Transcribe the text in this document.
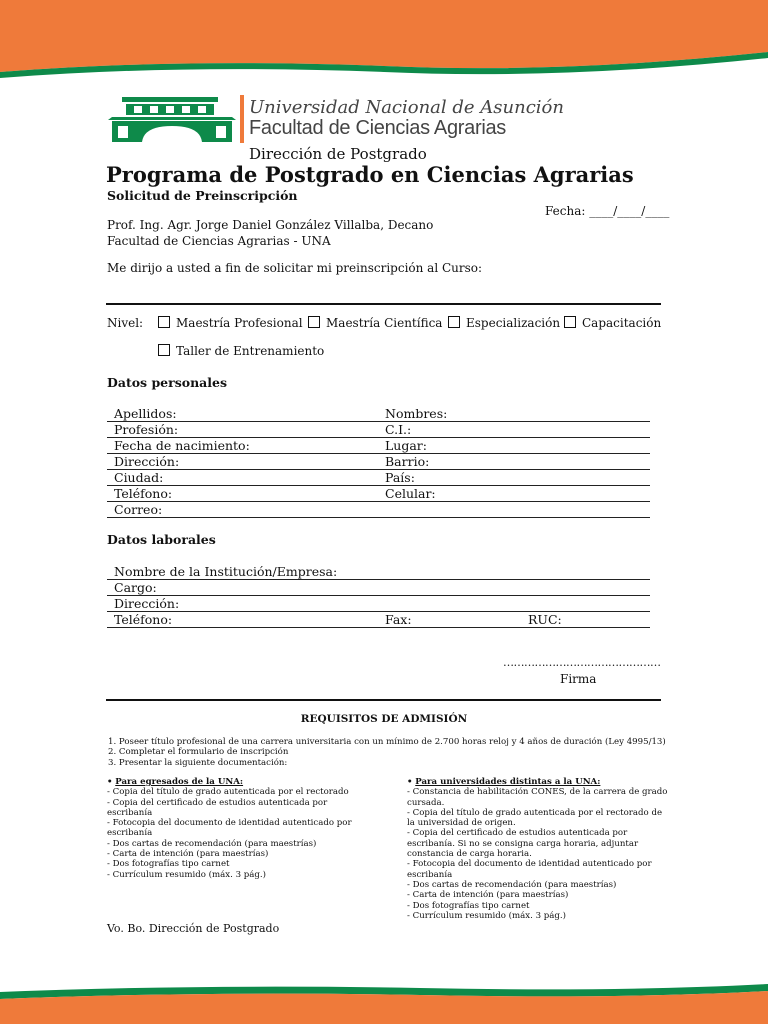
Universidad Nacional de Asunción
Facultad de Ciencias Agrarias
Dirección de Postgrado
Programa de Postgrado en Ciencias Agrarias
Solicitud de Preinscripción
Fecha: ____/____/____
Prof. Ing. Agr. Jorge Daniel González Villalba, Decano
Facultad de Ciencias Agrarias - UNA
Me dirijo a usted a fin de solicitar mi preinscripción al Curso:
Nivel:	Maestría Profesional	Maestría Científica	Especialización	Capacitación
Taller de Entrenamiento
Datos personales
Apellidos:	Nombres:
Profesión:	C.I.:
Fecha de nacimiento:	Lugar:
Dirección:	Barrio:
Ciudad:	País:
Teléfono:	Celular:
Correo:
Datos laborales
Nombre de la Institución/Empresa:
Cargo:
Dirección:
Teléfono:	Fax:	RUC:
………………………………………
Firma
REQUISITOS DE ADMISIÓN
1. Poseer título profesional de una carrera universitaria con un mínimo de 2.700 horas reloj y 4 años de duración (Ley 4995/13)
2. Completar el formulario de inscripción
3. Presentar la siguiente documentación:
• Para egresados de la UNA:
- Copia del título de grado autenticada por el rectorado
- Copia del certificado de estudios autenticada por
escribanía
- Fotocopia del documento de identidad autenticado por
escribanía
- Dos cartas de recomendación (para maestrías)
- Carta de intención (para maestrías)
- Dos fotografías tipo carnet
- Currículum resumido (máx. 3 pág.)
• Para universidades distintas a la UNA:
- Constancia de habilitación CONES, de la carrera de grado
cursada.
- Copia del título de grado autenticada por el rectorado de
la universidad de origen.
- Copia del certificado de estudios autenticada por
escribanía. Si no se consigna carga horaria, adjuntar
constancia de carga horaria.
- Fotocopia del documento de identidad autenticado por
escribanía
- Dos cartas de recomendación (para maestrías)
- Carta de intención (para maestrías)
- Dos fotografías tipo carnet
- Currículum resumido (máx. 3 pág.)
Vo. Bo. Dirección de Postgrado
